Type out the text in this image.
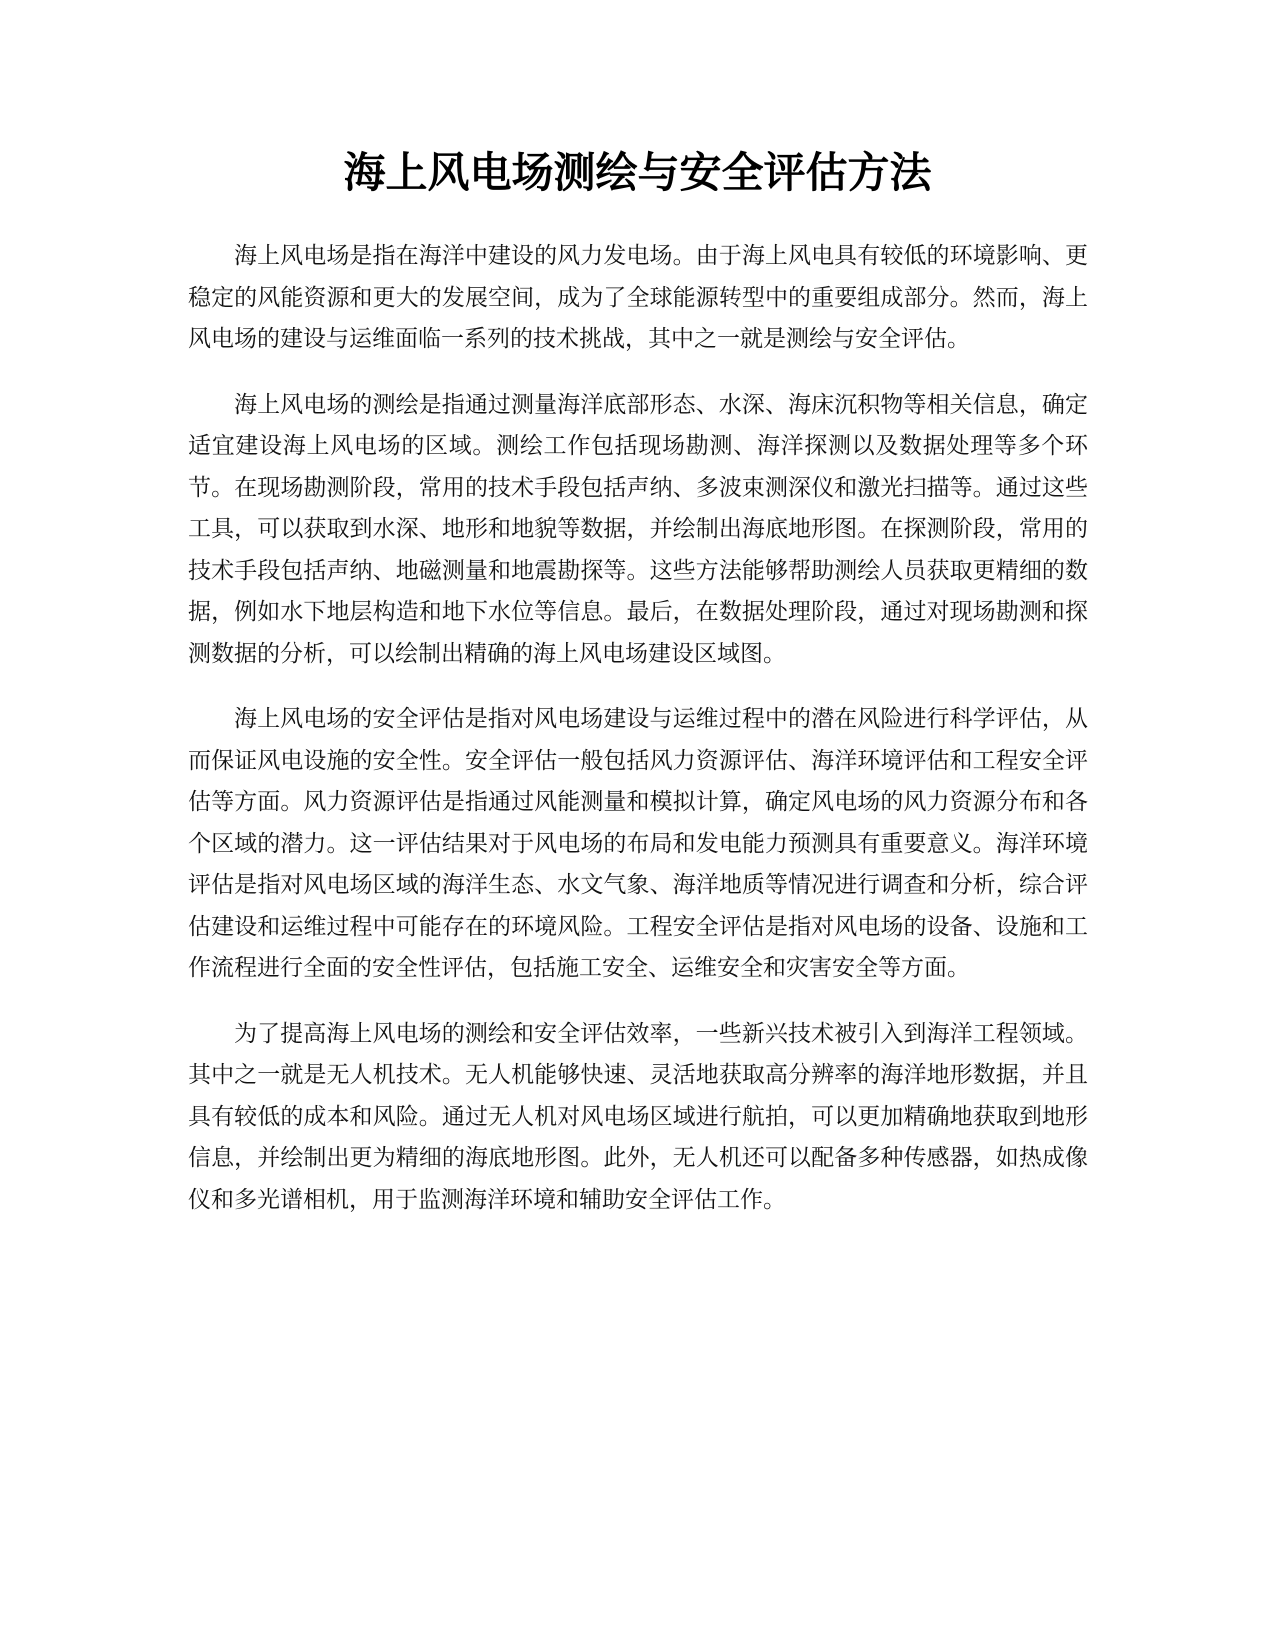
海上风电场测绘与安全评估方法

海上风电场是指在海洋中建设的风力发电场。由于海上风电具有较低的环境影响、更稳定的风能资源和更大的发展空间，成为了全球能源转型中的重要组成部分。然而，海上风电场的建设与运维面临一系列的技术挑战，其中之一就是测绘与安全评估。

海上风电场的测绘是指通过测量海洋底部形态、水深、海床沉积物等相关信息，确定适宜建设海上风电场的区域。测绘工作包括现场勘测、海洋探测以及数据处理等多个环节。在现场勘测阶段，常用的技术手段包括声纳、多波束测深仪和激光扫描等。通过这些工具，可以获取到水深、地形和地貌等数据，并绘制出海底地形图。在探测阶段，常用的技术手段包括声纳、地磁测量和地震勘探等。这些方法能够帮助测绘人员获取更精细的数据，例如水下地层构造和地下水位等信息。最后，在数据处理阶段，通过对现场勘测和探测数据的分析，可以绘制出精确的海上风电场建设区域图。

海上风电场的安全评估是指对风电场建设与运维过程中的潜在风险进行科学评估，从而保证风电设施的安全性。安全评估一般包括风力资源评估、海洋环境评估和工程安全评估等方面。风力资源评估是指通过风能测量和模拟计算，确定风电场的风力资源分布和各个区域的潜力。这一评估结果对于风电场的布局和发电能力预测具有重要意义。海洋环境评估是指对风电场区域的海洋生态、水文气象、海洋地质等情况进行调查和分析，综合评估建设和运维过程中可能存在的环境风险。工程安全评估是指对风电场的设备、设施和工作流程进行全面的安全性评估，包括施工安全、运维安全和灾害安全等方面。

为了提高海上风电场的测绘和安全评估效率，一些新兴技术被引入到海洋工程领域。其中之一就是无人机技术。无人机能够快速、灵活地获取高分辨率的海洋地形数据，并且具有较低的成本和风险。通过无人机对风电场区域进行航拍，可以更加精确地获取到地形信息，并绘制出更为精细的海底地形图。此外，无人机还可以配备多种传感器，如热成像仪和多光谱相机，用于监测海洋环境和辅助安全评估工作。
